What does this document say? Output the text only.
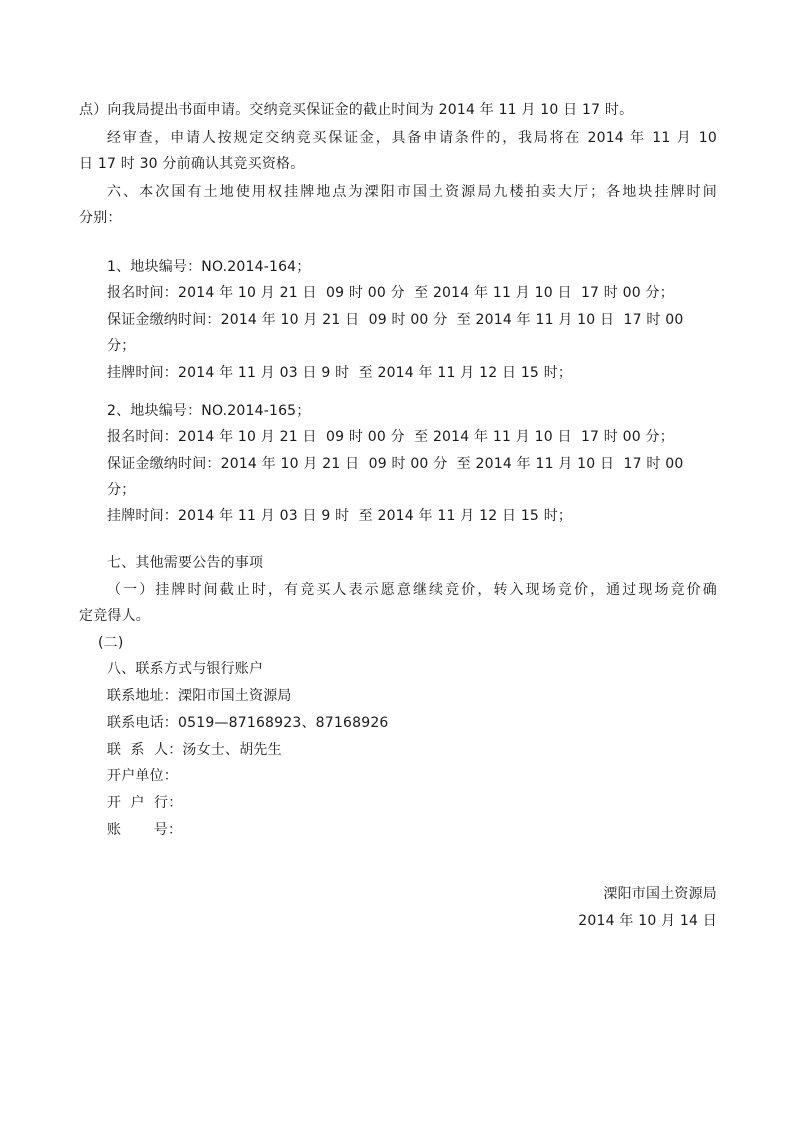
点）向我局提出书面申请。交纳竞买保证金的截止时间为 2014 年 11 月 10 日 17 时。
经审查，申请人按规定交纳竞买保证金，具备申请条件的，我局将在 2014 年 11 月 10
日 17 时 30 分前确认其竞买资格。
六、本次国有土地使用权挂牌地点为溧阳市国土资源局九楼拍卖大厅；各地块挂牌时间
分别：
1、地块编号：NO.2014-164；
报名时间：2014 年 10 月 21 日  09 时 00 分  至 2014 年 11 月 10 日  17 时 00 分；
保证金缴纳时间：2014 年 10 月 21 日  09 时 00 分  至 2014 年 11 月 10 日  17 时 00
分；
挂牌时间：2014 年 11 月 03 日 9 时  至 2014 年 11 月 12 日 15 时；
2、地块编号：NO.2014-165；
报名时间：2014 年 10 月 21 日  09 时 00 分  至 2014 年 11 月 10 日  17 时 00 分；
保证金缴纳时间：2014 年 10 月 21 日  09 时 00 分  至 2014 年 11 月 10 日  17 时 00
分；
挂牌时间：2014 年 11 月 03 日 9 时  至 2014 年 11 月 12 日 15 时；
七、其他需要公告的事项
（一）挂牌时间截止时，有竞买人表示愿意继续竞价，转入现场竞价，通过现场竞价确
定竞得人。
(二)
八、联系方式与银行账户
联系地址：溧阳市国土资源局
联系电话：0519—87168923、87168926
联  系  人：汤女士、胡先生
开户单位：
开  户  行：
账       号：
溧阳市国土资源局
2014 年 10 月 14 日
